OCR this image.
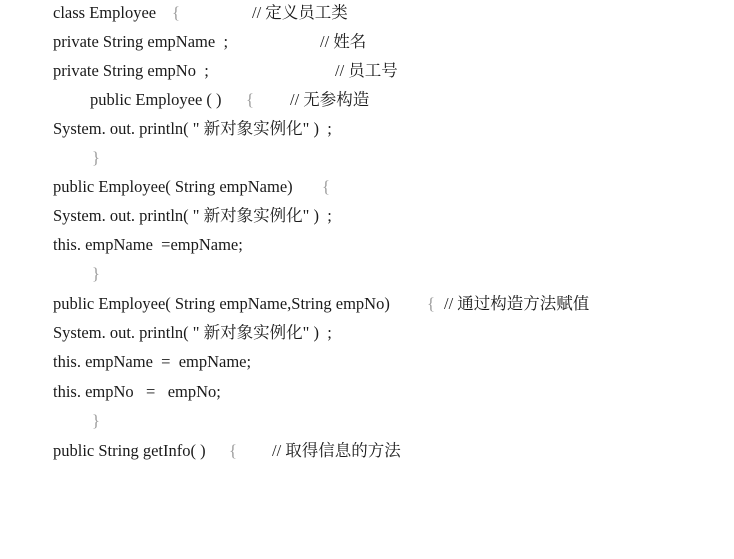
class Employee

{

	// 定义员工类

private String empName  ;

	// 姓名

private String empNo  ;

	// 员工号

public Employee ( )

{

// 无参构造

System. out. println( " 新对象实例化" )  ;

}

public Employee( String empName)

{

System. out. println( " 新对象实例化" )  ;

this. empName  =empName;

}

public Employee( String empName,String empNo)

{

// 通过构造方法赋值

System. out. println( " 新对象实例化" )  ;

this. empName  =  empName;

this. empNo   =   empNo;

}

public String getInfo( )

{

// 取得信息的方法
